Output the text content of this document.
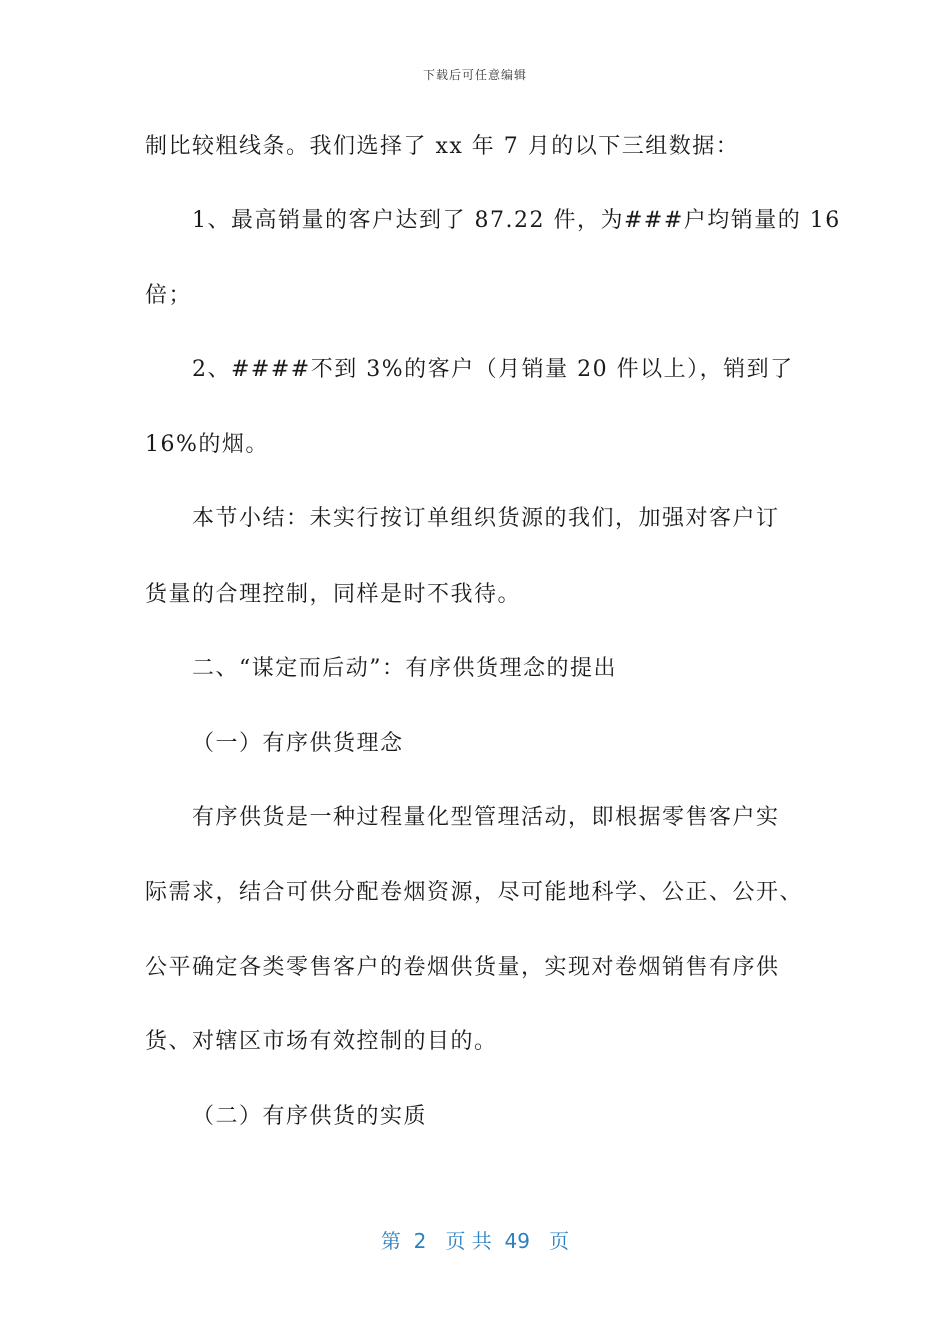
下载后可任意编辑
制比较粗线条。我们选择了 xx 年 7 月的以下三组数据：
1、最高销量的客户达到了 87.22 件，为###户均销量的 16
倍；
2、####不到 3%的客户（月销量 20 件以上），销到了
16%的烟。
本节小结：未实行按订单组织货源的我们，加强对客户订
货量的合理控制，同样是时不我待。
二、“谋定而后动”：有序供货理念的提出
（一）有序供货理念
有序供货是一种过程量化型管理活动，即根据零售客户实
际需求，结合可供分配卷烟资源，尽可能地科学、公正、公开、
公平确定各类零售客户的卷烟供货量，实现对卷烟销售有序供
货、对辖区市场有效控制的目的。
（二）有序供货的实质
第 2 页 共 49 页
